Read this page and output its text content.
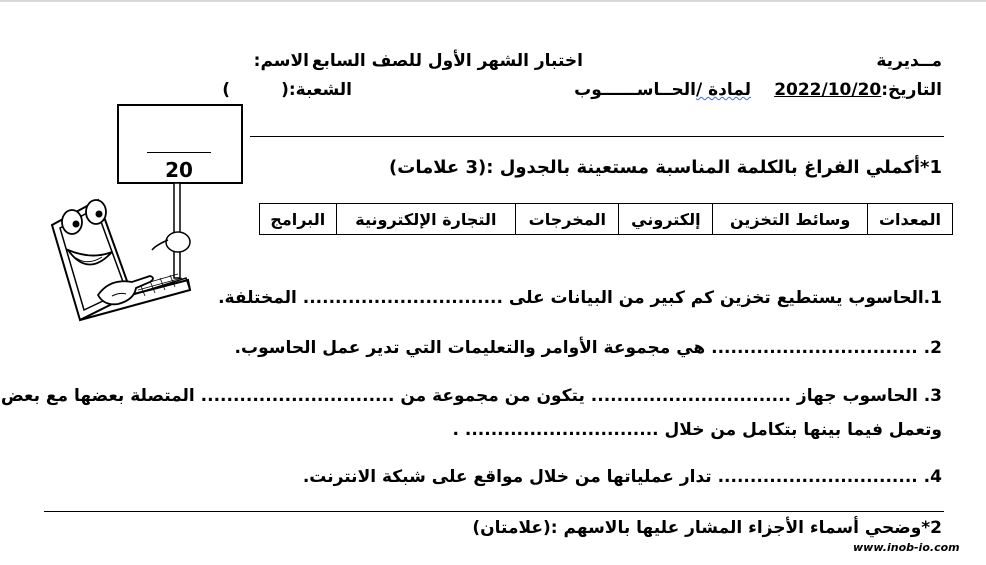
مــديرية
اختبار الشهر الأول للصف السابع
الاسم:
التاريخ:2022/10/20
لمادة /الحــاســــــوب
الشعبة:(
)
20	1*أكملي الفراغ بالكلمة المناسبة مستعينة بالجدول :(3 علامات)
المعدات	وسائط التخزين	إلكتروني	المخرجات	التجارة الإلكترونية	البرامج
1.الحاسوب يستطيع تخزين كم كبير من البيانات على ............................... المختلفة.
2. ................................ هي مجموعة الأوامر والتعليمات التي تدير عمل الحاسوب.
3. الحاسوب جهاز ............................... يتكون من مجموعة من .............................. المتصلة بعضها مع بعض
وتعمل فيما بينها بتكامل من خلال .............................. .
4. ............................... تدار عملياتها من خلال مواقع على شبكة الانترنت.
2*وضحي أسماء الأجزاء المشار عليها بالاسهم :(علامتان)
www.inob-io.com
